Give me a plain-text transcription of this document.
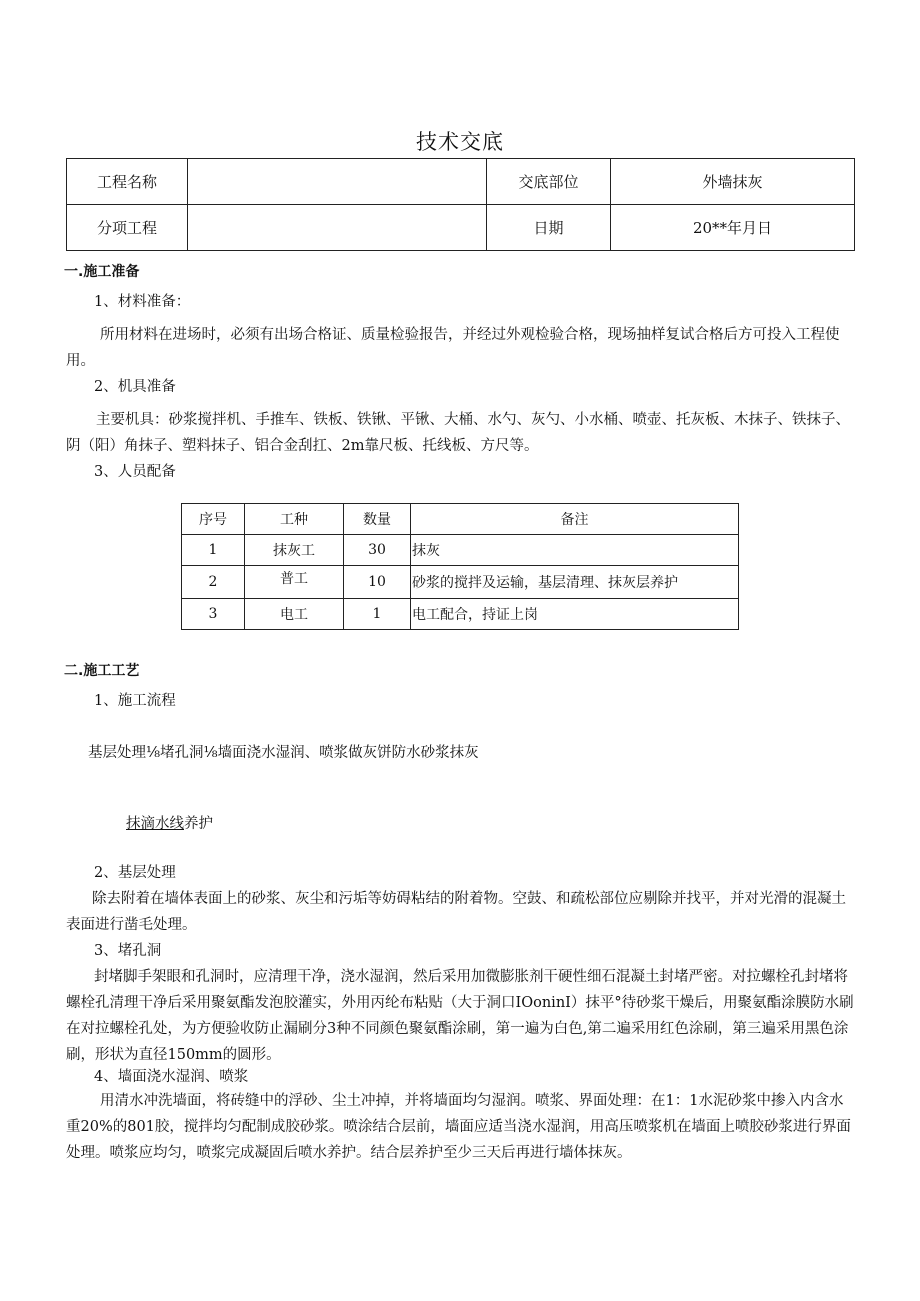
技术交底
工程名称		交底部位	外墙抹灰
分项工程		日期	20**年月日
一.施工准备
1、材料准备：
所用材料在进场时，必须有出场合格证、质量检验报告，并经过外观检验合格，现场抽样复试合格后方可投入工程使用。
2、机具准备
主要机具：砂浆搅拌机、手推车、铁板、铁锹、平锹、大桶、水勺、灰勺、小水桶、喷壶、托灰板、木抹子、铁抹子、阴（阳）角抹子、塑料抹子、铝合金刮扛、2m靠尺板、托线板、方尺等。
3、人员配备
序号	工种	数量	备注
1	抹灰工	30	抹灰
2	普工	10	砂浆的搅拌及运输，基层清理、抹灰层养护
3	电工	1	电工配合，持证上岗
二.施工工艺
1、施工流程
基层处理⅛堵孔洞⅛墙面浇水湿润、喷浆做灰饼防水砂浆抹灰
抹滴水线养护
2、基层处理
除去附着在墙体表面上的砂浆、灰尘和污垢等妨碍粘结的附着物。空鼓、和疏松部位应剔除并找平，并对光滑的混凝土表面进行凿毛处理。
3、堵孔洞
封堵脚手架眼和孔洞时，应清理干净，浇水湿润，然后采用加微膨胀剂干硬性细石混凝土封堵严密。对拉螺栓孔封堵将螺栓孔清理干净后采用聚氨酯发泡胶灌实，外用丙纶布粘贴（大于洞口IOoninI）抹平°待砂浆干燥后，用聚氨酯涂膜防水刷在对拉螺栓孔处，为方便验收防止漏刷分3种不同颜色聚氨酯涂刷，第一遍为白色,第二遍采用红色涂刷，第三遍采用黑色涂刷，形状为直径150mm的圆形。
4、墙面浇水湿润、喷浆
用清水冲洗墙面，将砖缝中的浮砂、尘土冲掉，并将墙面均匀湿润。喷浆、界面处理：在1：1水泥砂浆中掺入内含水重20%的801胶，搅拌均匀配制成胶砂浆。喷涂结合层前，墙面应适当浇水湿润，用高压喷浆机在墙面上喷胶砂浆进行界面处理。喷浆应均匀，喷浆完成凝固后喷水养护。结合层养护至少三天后再进行墙体抹灰。
